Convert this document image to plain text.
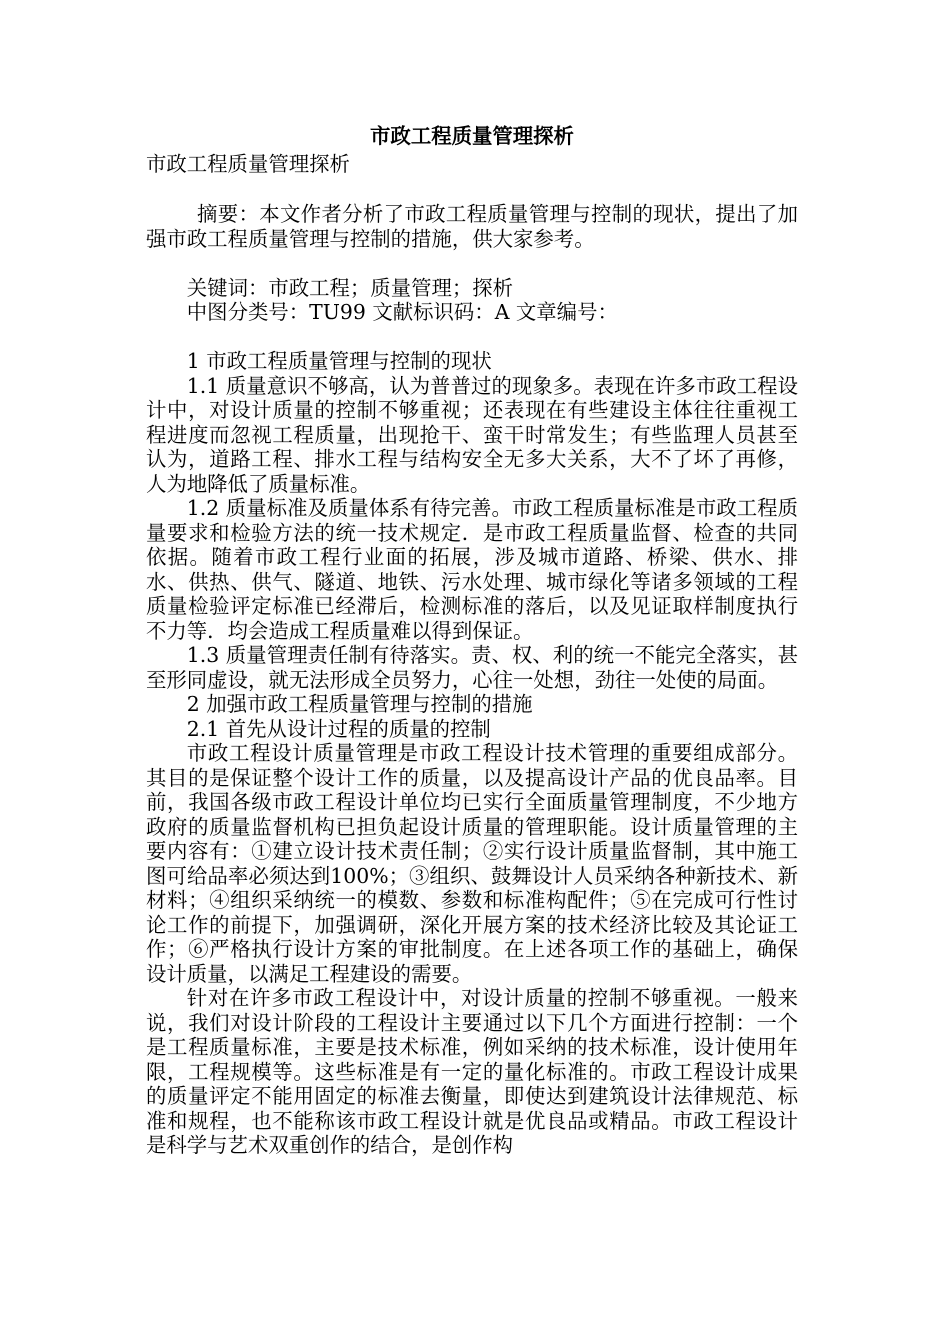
市政工程质量管理探析

市政工程质量管理探析

摘要：本文作者分析了市政工程质量管理与控制的现状，提出了加强市政工程质量管理与控制的措施，供大家参考。

关键词：市政工程；质量管理；探析

中图分类号：TU99 文献标识码：A 文章编号：

1 市政工程质量管理与控制的现状

1.1 质量意识不够高，认为普普过的现象多。表现在许多市政工程设计中，对设计质量的控制不够重视；还表现在有些建设主体往往重视工程进度而忽视工程质量，出现抢干、蛮干时常发生；有些监理人员甚至认为，道路工程、排水工程与结构安全无多大关系，大不了坏了再修，人为地降低了质量标准。

1.2 质量标准及质量体系有待完善。市政工程质量标准是市政工程质量要求和检验方法的统一技术规定．是市政工程质量监督、检查的共同依据。随着市政工程行业面的拓展，涉及城市道路、桥梁、供水、排水、供热、供气、隧道、地铁、污水处理、城市绿化等诸多领域的工程质量检验评定标准已经滞后，检测标准的落后，以及见证取样制度执行不力等．均会造成工程质量难以得到保证。

1.3 质量管理责任制有待落实。责、权、利的统一不能完全落实，甚至形同虚设，就无法形成全员努力，心往一处想，劲往一处使的局面。

2 加强市政工程质量管理与控制的措施

2.1 首先从设计过程的质量的控制

市政工程设计质量管理是市政工程设计技术管理的重要组成部分。其目的是保证整个设计工作的质量，以及提高设计产品的优良品率。目前，我国各级市政工程设计单位均已实行全面质量管理制度，不少地方政府的质量监督机构已担负起设计质量的管理职能。设计质量管理的主要内容有：①建立设计技术责任制；②实行设计质量监督制，其中施工图可给品率必须达到100%；③组织、鼓舞设计人员采纳各种新技术、新材料；④组织采纳统一的模数、参数和标准构配件；⑤在完成可行性讨论工作的前提下，加强调研，深化开展方案的技术经济比较及其论证工作；⑥严格执行设计方案的审批制度。在上述各项工作的基础上，确保设计质量，以满足工程建设的需要。

针对在许多市政工程设计中，对设计质量的控制不够重视。一般来说，我们对设计阶段的工程设计主要通过以下几个方面进行控制：一个是工程质量标准，主要是技术标准，例如采纳的技术标准，设计使用年限，工程规模等。这些标准是有一定的量化标准的。市政工程设计成果的质量评定不能用固定的标准去衡量，即使达到建筑设计法律规范、标准和规程，也不能称该市政工程设计就是优良品或精品。市政工程设计是科学与艺术双重创作的结合，是创作构
